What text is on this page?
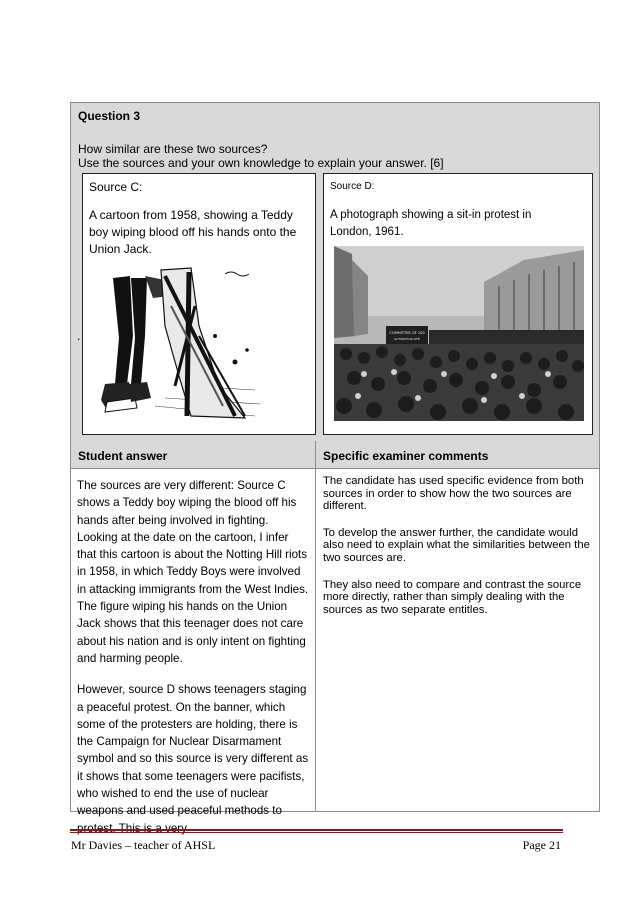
Question 3
How similar are these two sources?
Use the sources and your own knowledge to explain your answer. [6]
.
Source C:
A cartoon from 1958, showing a Teddy boy wiping blood off his hands onto the Union Jack.
Source D:
A photograph showing a sit-in protest in London, 1961.
COMMITTEE OF 100
ACTION FOR LIFE
Student answer	Specific examiner comments

The sources are very different: Source C shows a Teddy boy wiping the blood off his hands after being involved in fighting. Looking at the date on the cartoon, I infer that this cartoon is about the Notting Hill riots in 1958, in which Teddy Boys were involved in attacking immigrants from the West Indies. The figure wiping his hands on the Union Jack shows that this teenager does not care about his nation and is only intent on fighting and harming people.

However, source D shows teenagers staging a peaceful protest. On the banner, which some of the protesters are holding, there is the Campaign for Nuclear Disarmament symbol and so this source is very different as it shows that some teenagers were pacifists, who wished to end the use of nuclear weapons and used peaceful methods to

The candidate has used specific evidence from both sources in order to show how the two sources are different.

To develop the answer further, the candidate would also need to explain what the similarities between the two sources are.

They also need to compare and contrast the source more directly, rather than simply dealing with the sources as two separate entitles.

Mr Davies – teacher of AHSL	Page 21
